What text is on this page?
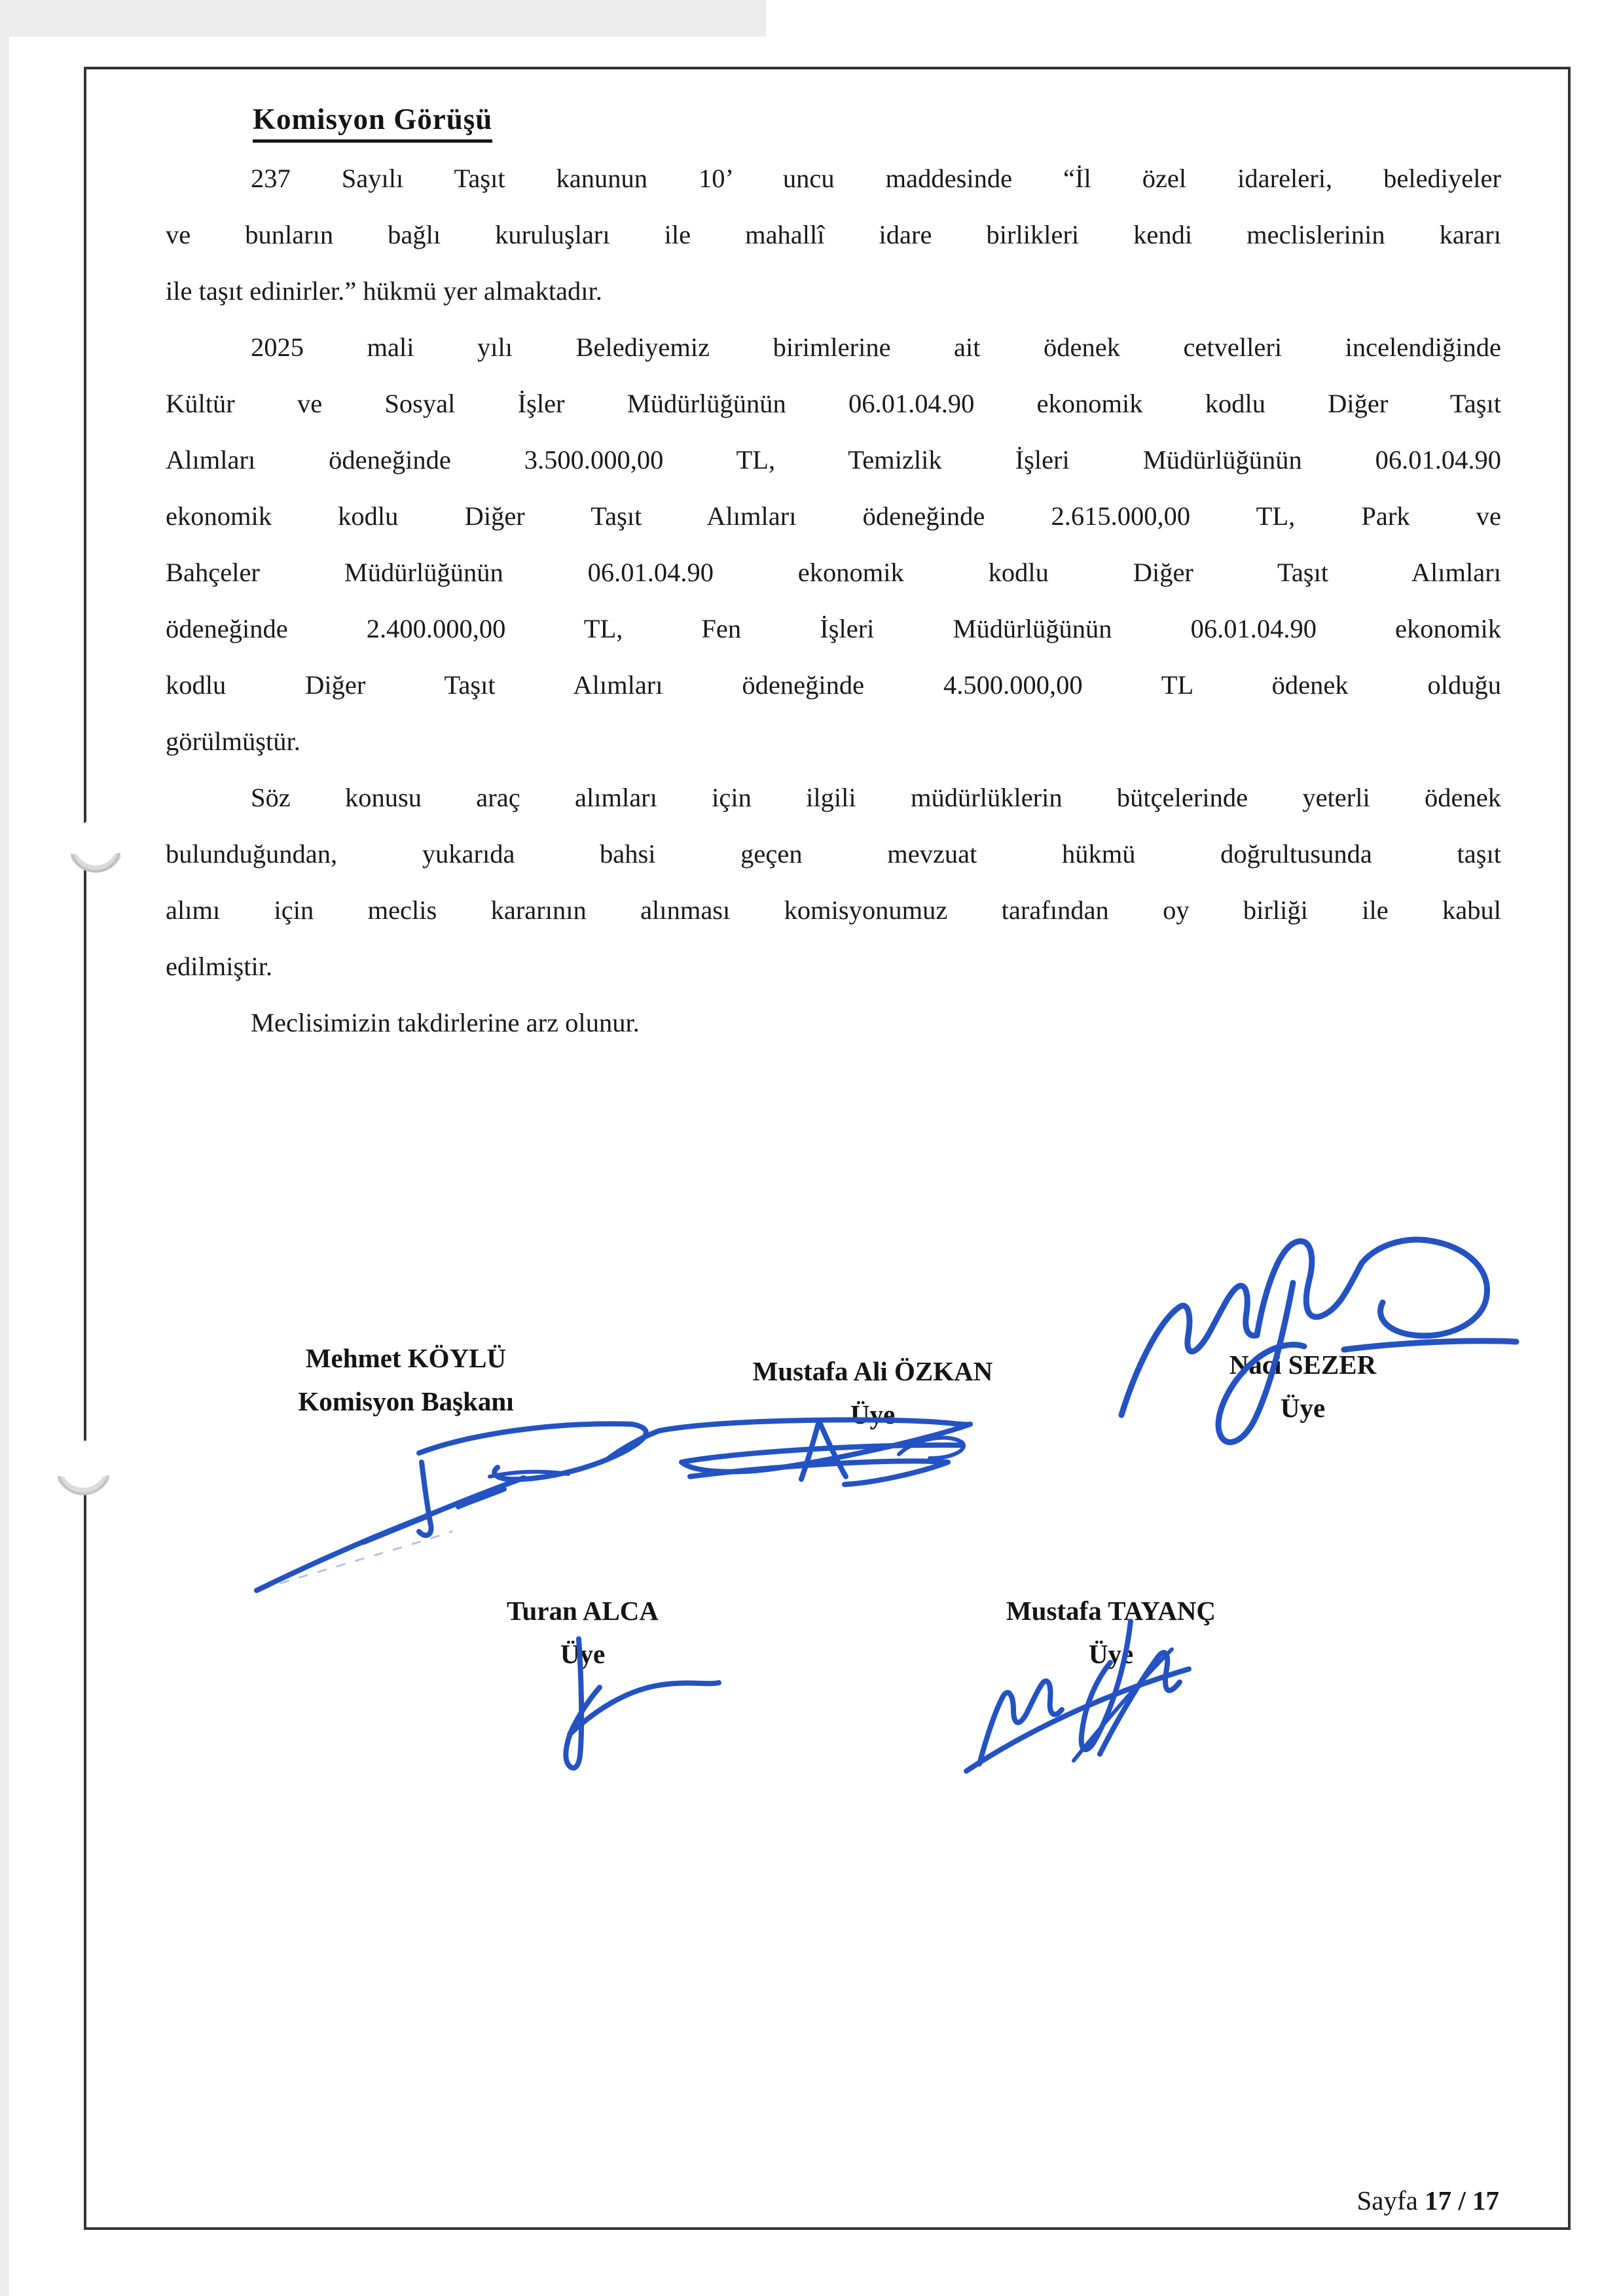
Komisyon Görüşü
237 Sayılı Taşıt kanunun 10’ uncu maddesinde “İl özel idareleri, belediyeler
ve bunların bağlı kuruluşları ile mahallî idare birlikleri kendi meclislerinin kararı
ile taşıt edinirler.” hükmü yer almaktadır.
2025 mali yılı Belediyemiz birimlerine ait ödenek cetvelleri incelendiğinde
Kültür ve Sosyal İşler Müdürlüğünün 06.01.04.90 ekonomik kodlu Diğer Taşıt
Alımları ödeneğinde 3.500.000,00 TL, Temizlik İşleri Müdürlüğünün 06.01.04.90
ekonomik kodlu Diğer Taşıt Alımları ödeneğinde 2.615.000,00 TL, Park ve
Bahçeler Müdürlüğünün 06.01.04.90 ekonomik kodlu Diğer Taşıt Alımları
ödeneğinde 2.400.000,00 TL, Fen İşleri Müdürlüğünün 06.01.04.90 ekonomik
kodlu Diğer Taşıt Alımları ödeneğinde 4.500.000,00 TL ödenek olduğu
görülmüştür.
Söz konusu araç alımları için ilgili müdürlüklerin bütçelerinde yeterli ödenek
bulunduğundan, yukarıda bahsi geçen mevzuat hükmü doğrultusunda taşıt
alımı için meclis kararının alınması komisyonumuz tarafından oy birliği ile kabul
edilmiştir.
Meclisimizin takdirlerine arz olunur.
Mehmet KÖYLÜ
Komisyon Başkanı
Mustafa Ali ÖZKAN
Üye
Naci SEZER
Üye
Turan ALCA
Üye
Mustafa TAYANÇ
Üye
Sayfa 17 / 17
